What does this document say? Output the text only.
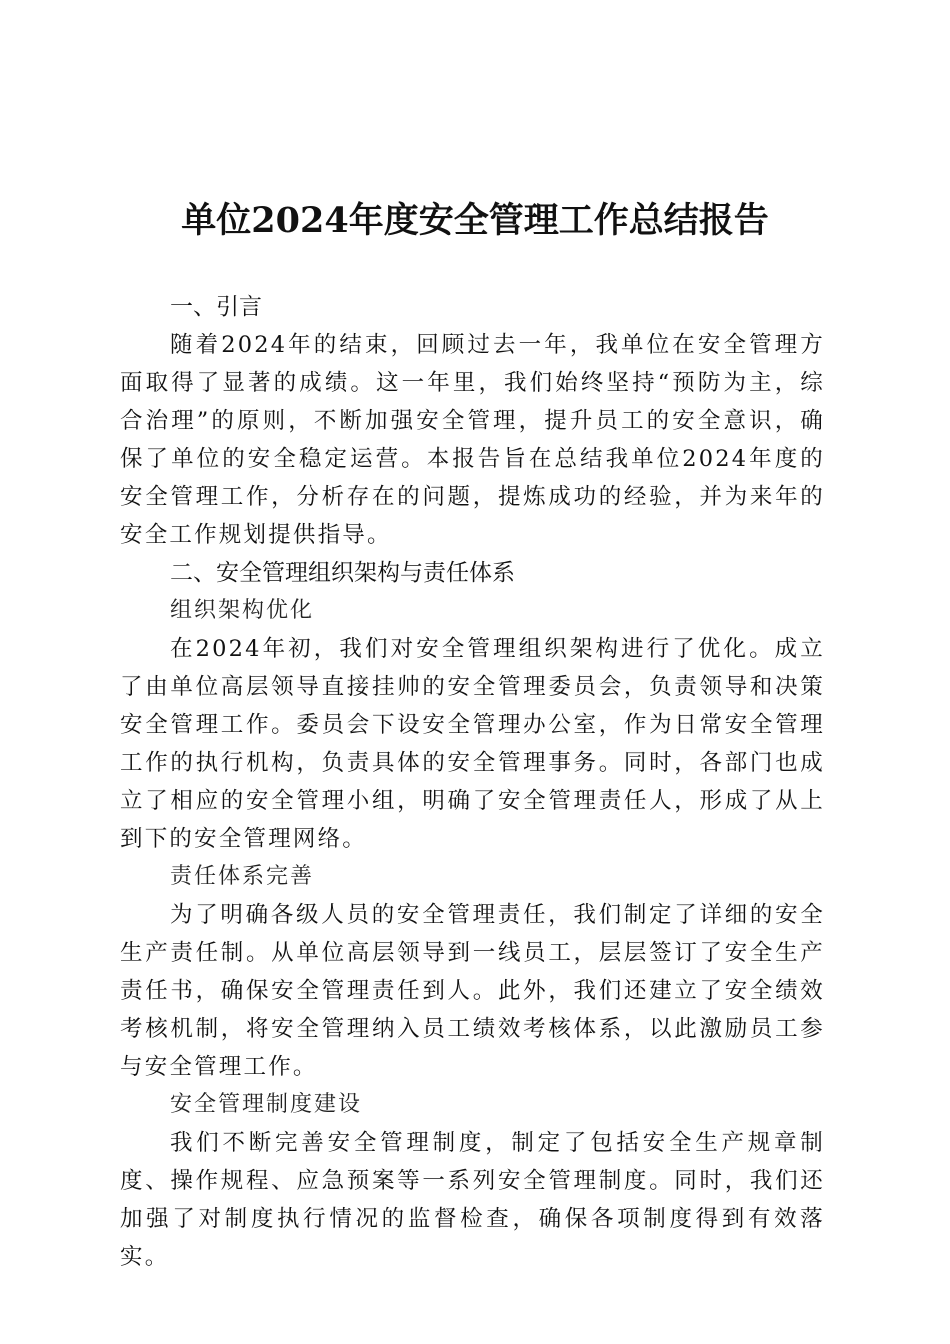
单位2024年度安全管理工作总结报告

一、引言

随着2024年的结束，回顾过去一年，我单位在安全管理方面取得了显著的成绩。这一年里，我们始终坚持“预防为主，综合治理”的原则，不断加强安全管理，提升员工的安全意识，确保了单位的安全稳定运营。本报告旨在总结我单位2024年度的安全管理工作，分析存在的问题，提炼成功的经验，并为来年的安全工作规划提供指导。

二、安全管理组织架构与责任体系

组织架构优化

在2024年初，我们对安全管理组织架构进行了优化。成立了由单位高层领导直接挂帅的安全管理委员会，负责领导和决策安全管理工作。委员会下设安全管理办公室，作为日常安全管理工作的执行机构，负责具体的安全管理事务。同时，各部门也成立了相应的安全管理小组，明确了安全管理责任人，形成了从上到下的安全管理网络。

责任体系完善

为了明确各级人员的安全管理责任，我们制定了详细的安全生产责任制。从单位高层领导到一线员工，层层签订了安全生产责任书，确保安全管理责任到人。此外，我们还建立了安全绩效考核机制，将安全管理纳入员工绩效考核体系，以此激励员工参与安全管理工作。

安全管理制度建设

我们不断完善安全管理制度，制定了包括安全生产规章制度、操作规程、应急预案等一系列安全管理制度。同时，我们还加强了对制度执行情况的监督检查，确保各项制度得到有效落实。
